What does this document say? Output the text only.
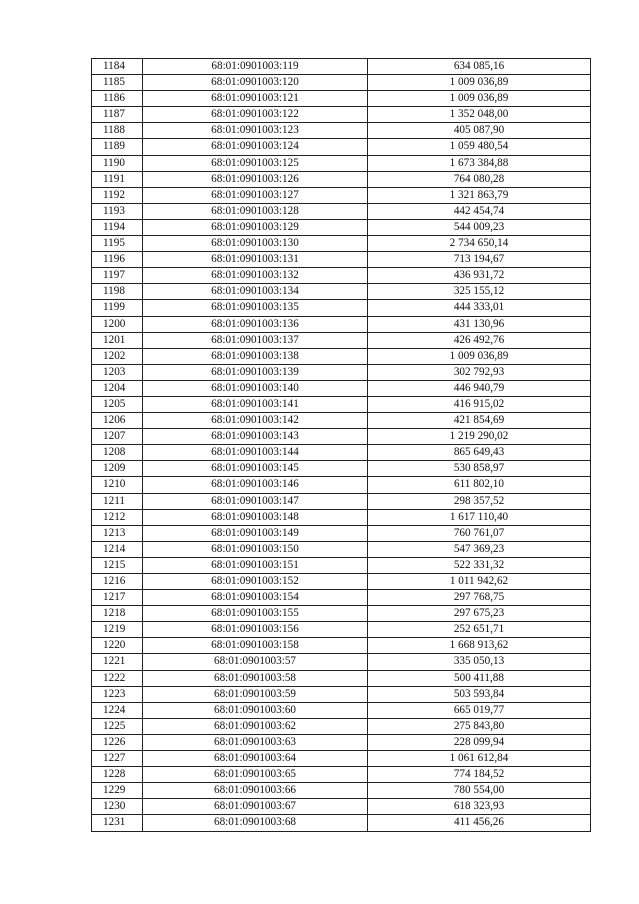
1184	68:01:0901003:119	634 085,16
1185	68:01:0901003:120	1 009 036,89
1186	68:01:0901003:121	1 009 036,89
1187	68:01:0901003:122	1 352 048,00
1188	68:01:0901003:123	405 087,90
1189	68:01:0901003:124	1 059 480,54
1190	68:01:0901003:125	1 673 384,88
1191	68:01:0901003:126	764 080,28
1192	68:01:0901003:127	1 321 863,79
1193	68:01:0901003:128	442 454,74
1194	68:01:0901003:129	544 009,23
1195	68:01:0901003:130	2 734 650,14
1196	68:01:0901003:131	713 194,67
1197	68:01:0901003:132	436 931,72
1198	68:01:0901003:134	325 155,12
1199	68:01:0901003:135	444 333,01
1200	68:01:0901003:136	431 130,96
1201	68:01:0901003:137	426 492,76
1202	68:01:0901003:138	1 009 036,89
1203	68:01:0901003:139	302 792,93
1204	68:01:0901003:140	446 940,79
1205	68:01:0901003:141	416 915,02
1206	68:01:0901003:142	421 854,69
1207	68:01:0901003:143	1 219 290,02
1208	68:01:0901003:144	865 649,43
1209	68:01:0901003:145	530 858,97
1210	68:01:0901003:146	611 802,10
1211	68:01:0901003:147	298 357,52
1212	68:01:0901003:148	1 617 110,40
1213	68:01:0901003:149	760 761,07
1214	68:01:0901003:150	547 369,23
1215	68:01:0901003:151	522 331,32
1216	68:01:0901003:152	1 011 942,62
1217	68:01:0901003:154	297 768,75
1218	68:01:0901003:155	297 675,23
1219	68:01:0901003:156	252 651,71
1220	68:01:0901003:158	1 668 913,62
1221	68:01:0901003:57	335 050,13
1222	68:01:0901003:58	500 411,88
1223	68:01:0901003:59	503 593,84
1224	68:01:0901003:60	665 019,77
1225	68:01:0901003:62	275 843,80
1226	68:01:0901003:63	228 099,94
1227	68:01:0901003:64	1 061 612,84
1228	68:01:0901003:65	774 184,52
1229	68:01:0901003:66	780 554,00
1230	68:01:0901003:67	618 323,93
1231	68:01:0901003:68	411 456,26
